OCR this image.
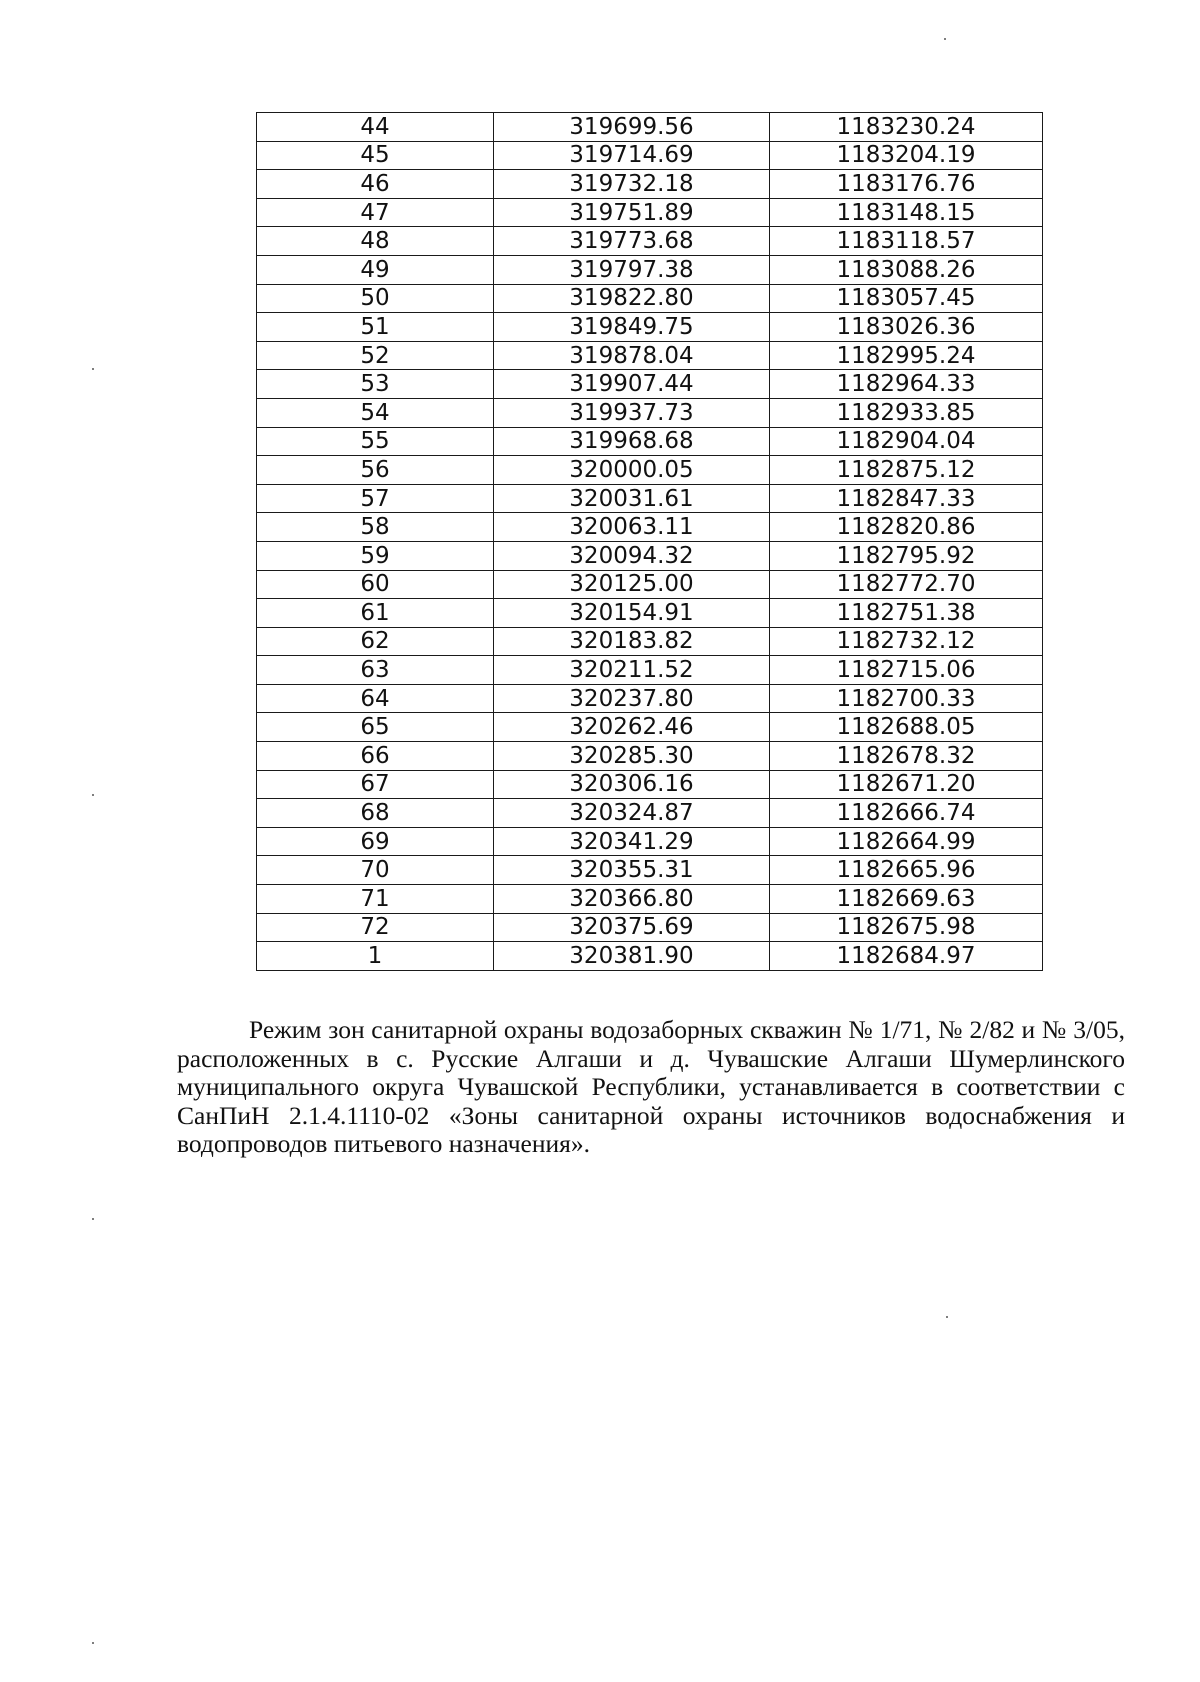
44	319699.56	1183230.24
45	319714.69	1183204.19
46	319732.18	1183176.76
47	319751.89	1183148.15
48	319773.68	1183118.57
49	319797.38	1183088.26
50	319822.80	1183057.45
51	319849.75	1183026.36
52	319878.04	1182995.24
53	319907.44	1182964.33
54	319937.73	1182933.85
55	319968.68	1182904.04
56	320000.05	1182875.12
57	320031.61	1182847.33
58	320063.11	1182820.86
59	320094.32	1182795.92
60	320125.00	1182772.70
61	320154.91	1182751.38
62	320183.82	1182732.12
63	320211.52	1182715.06
64	320237.80	1182700.33
65	320262.46	1182688.05
66	320285.30	1182678.32
67	320306.16	1182671.20
68	320324.87	1182666.74
69	320341.29	1182664.99
70	320355.31	1182665.96
71	320366.80	1182669.63
72	320375.69	1182675.98
1	320381.90	1182684.97

Режим зон санитарной охраны водозаборных скважин № 1/71, № 2/82 и № 3/05, расположенных в с. Русские Алгаши и д. Чувашские Алгаши Шумерлинского муниципального округа Чувашской Республики, устанавливается в соответствии с СанПиН 2.1.4.1110-02 «Зоны санитарной охраны источников водоснабжения и водопроводов питьевого назначения».
